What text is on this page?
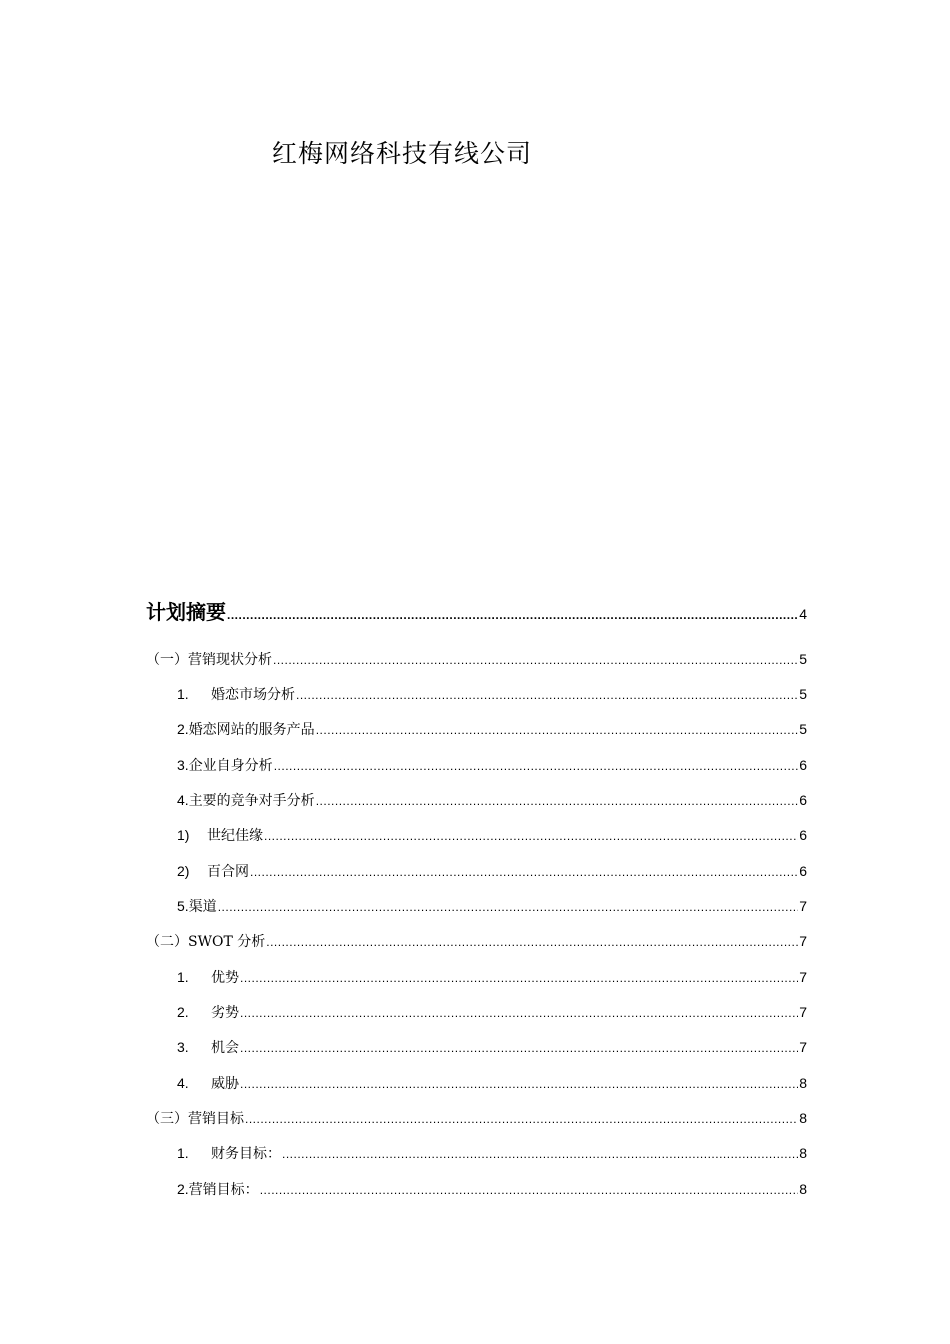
红梅网络科技有线公司
计划摘要 .....	4
（一）营销现状分析 .....	5
1.	婚恋市场分析 .....	5
2. 婚恋网站的服务产品 .....	5
3. 企业自身分析 .....	6
4. 主要的竞争对手分析 .....	6
1)	世纪佳缘 .....	6
2)	百合网 .....	6
5. 渠道 .....	7
（二）SWOT 分析 .....	7
1.	优势 .....	7
2.	劣势 .....	7
3.	机会 .....	7
4.	威胁 .....	8
（三）营销目标 .....	8
1.	财务目标： .....	8
2. 营销目标： .....	8
